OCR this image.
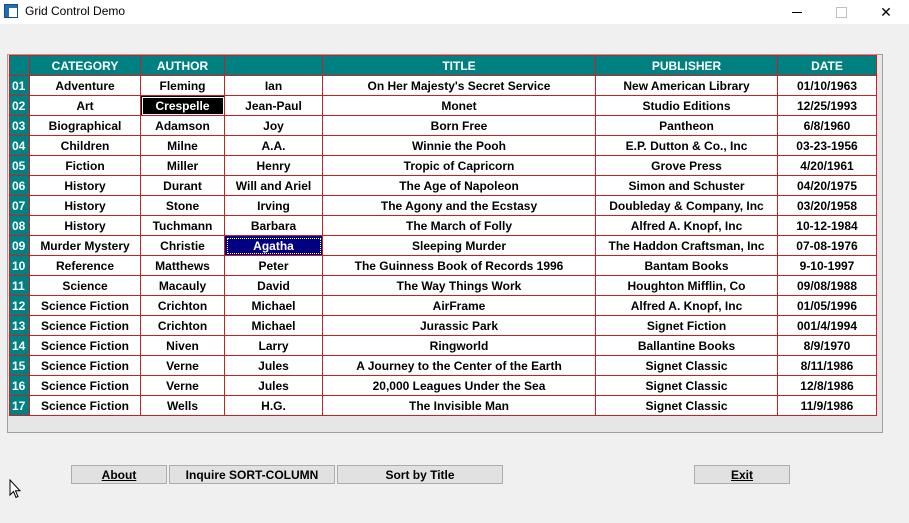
Grid Control Demo	✕
	CATEGORY	AUTHOR		TITLE	PUBLISHER	DATE
01	Adventure	Fleming	Ian	On Her Majesty's Secret Service	New American Library	01/10/1963
02	Art	Crespelle	Jean-Paul	Monet	Studio Editions	12/25/1993
03	Biographical	Adamson	Joy	Born Free	Pantheon	6/8/1960
04	Children	Milne	A.A.	Winnie the Pooh	E.P. Dutton & Co., Inc	03-23-1956
05	Fiction	Miller	Henry	Tropic of Capricorn	Grove Press	4/20/1961
06	History	Durant	Will and Ariel	The Age of Napoleon	Simon and Schuster	04/20/1975
07	History	Stone	Irving	The Agony and the Ecstasy	Doubleday & Company, Inc	03/20/1958
08	History	Tuchmann	Barbara	The March of Folly	Alfred A. Knopf, Inc	10-12-1984
09	Murder Mystery	Christie	Agatha	Sleeping Murder	The Haddon Craftsman, Inc	07-08-1976
10	Reference	Matthews	Peter	The Guinness Book of Records 1996	Bantam Books	9-10-1997
11	Science	Macauly	David	The Way Things Work	Houghton Mifflin, Co	09/08/1988
12	Science Fiction	Crichton	Michael	AirFrame	Alfred A. Knopf, Inc	01/05/1996
13	Science Fiction	Crichton	Michael	Jurassic Park	Signet Fiction	001/4/1994
14	Science Fiction	Niven	Larry	Ringworld	Ballantine Books	8/9/1970
15	Science Fiction	Verne	Jules	A Journey to the Center of the Earth	Signet Classic	8/11/1986
16	Science Fiction	Verne	Jules	20,000 Leagues Under the Sea	Signet Classic	12/8/1986
17	Science Fiction	Wells	H.G.	The Invisible Man	Signet Classic	11/9/1986
About	Inquire SORT-COLUMN	Sort by Title	Exit
